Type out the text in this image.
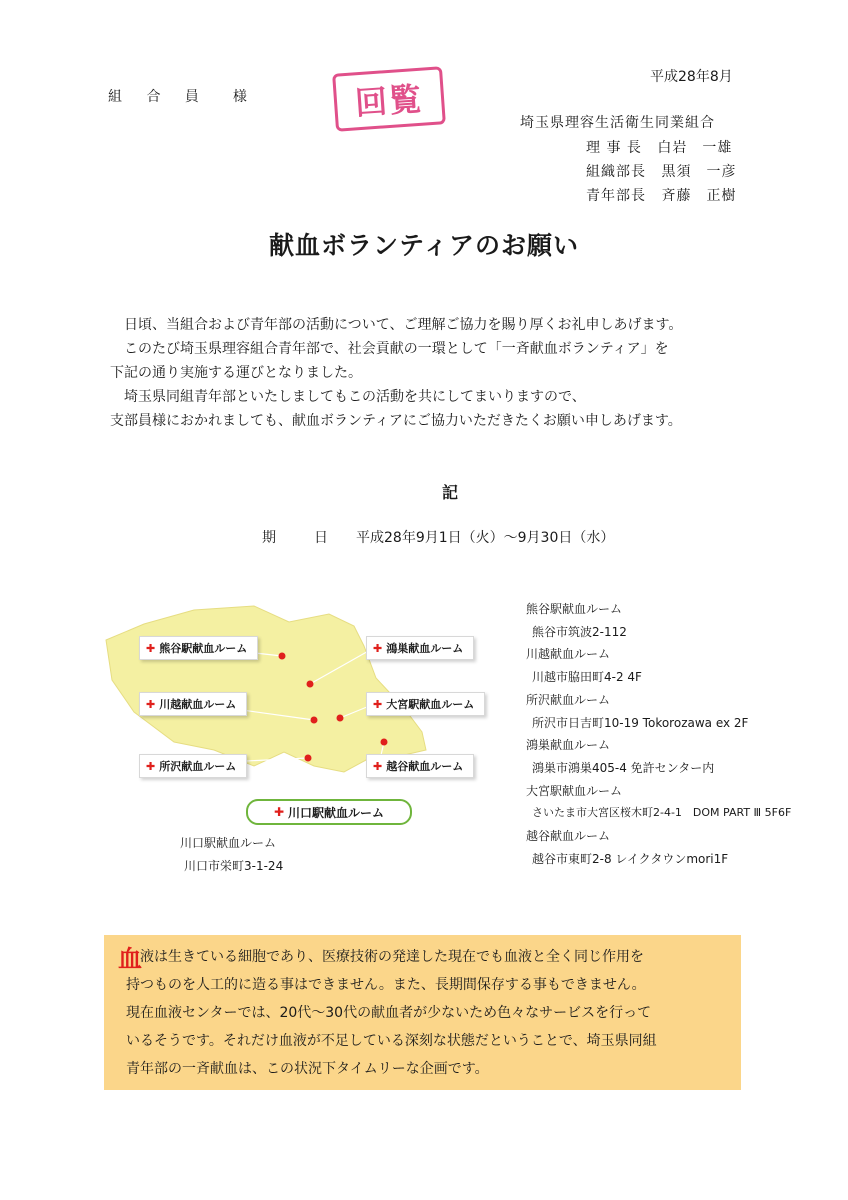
組 合 員　様	回覧
平成28年8月
埼玉県理容生活衛生同業組合
理 事 長 白岩　一雄
組織部長 黒須　一彦
青年部長 斉藤　正樹
献血ボランティアのお願い

日頃、当組合および青年部の活動について、ご理解ご協力を賜り厚くお礼申しあげます。

このたび埼玉県理容組合青年部で、社会貢献の一環として「一斉献血ボランティア」を

下記の通り実施する運びとなりました。

埼玉県同組青年部といたしましてもこの活動を共にしてまいりますので、

支部員様におかれましても、献血ボランティアにご協力いただきたくお願い申しあげます。

記
期　日 平成28年9月1日（火）～9月30日（水）
✚ 熊谷駅献血ルーム	✚ 鴻巣献血ルーム
✚ 川越献血ルーム	✚ 大宮駅献血ルーム
✚ 所沢献血ルーム	✚ 越谷献血ルーム
✚ 川口駅献血ルーム
川口駅献血ルーム
川口市栄町3-1-24
熊谷駅献血ルーム
熊谷市筑波2-112
川越献血ルーム
川越市脇田町4-2 4F
所沢献血ルーム
所沢市日吉町10-19 Tokorozawa ex 2F
鴻巣献血ルーム
鴻巣市鴻巣405-4 免許センター内
大宮駅献血ルーム
さいたま市大宮区桜木町2-4-1　DOM PART Ⅲ 5F6F
越谷献血ルーム
越谷市東町2-8 レイクタウンmori1F
血

液は生きている細胞であり、医療技術の発達した現在でも血液と全く同じ作用を

持つものを人工的に造る事はできません。また、長期間保存する事もできません。

現在血液センターでは、20代～30代の献血者が少ないため色々なサービスを行って

いるそうです。それだけ血液が不足している深刻な状態だということで、埼玉県同組

青年部の一斉献血は、この状況下タイムリーな企画です。
